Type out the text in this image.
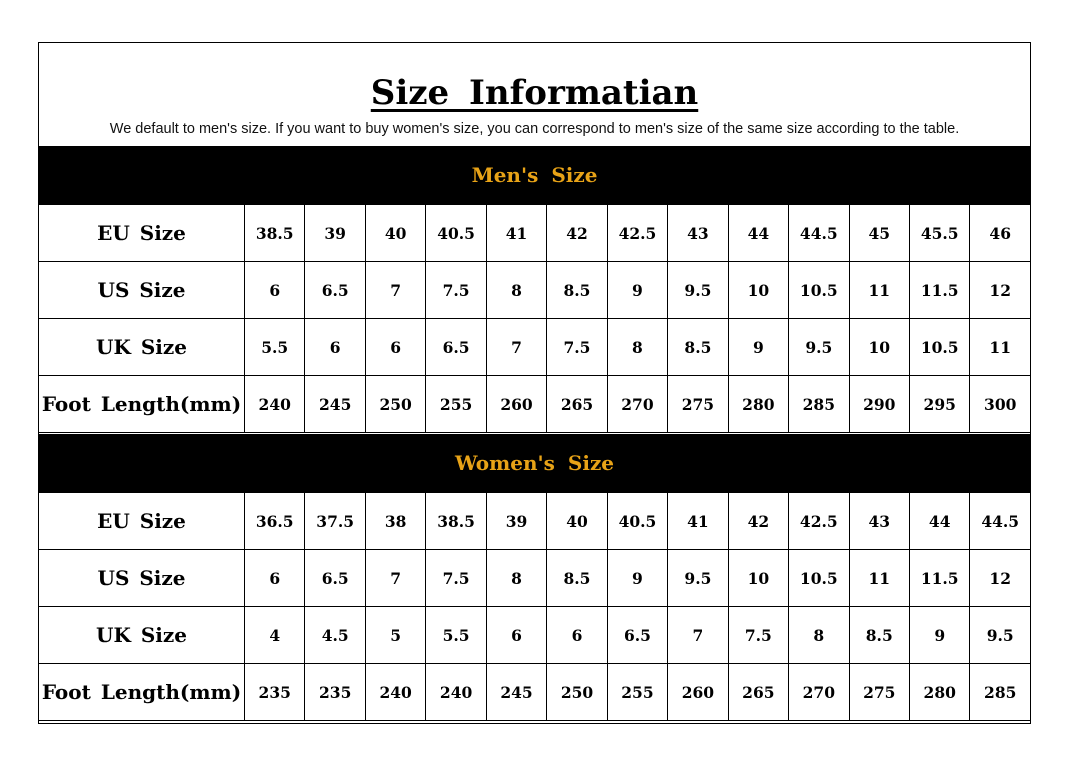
Size Informatian
We default to men's size. If you want to buy women's size, you can correspond to men's size of the same size according to the table.
Men's Size
EU Size	38.5	39	40	40.5	41	42	42.5	43	44	44.5	45	45.5	46
US Size	6	6.5	7	7.5	8	8.5	9	9.5	10	10.5	11	11.5	12
UK Size	5.5	6	6	6.5	7	7.5	8	8.5	9	9.5	10	10.5	11
Foot Length(mm)	240	245	250	255	260	265	270	275	280	285	290	295	300
Women's Size
EU Size	36.5	37.5	38	38.5	39	40	40.5	41	42	42.5	43	44	44.5
US Size	6	6.5	7	7.5	8	8.5	9	9.5	10	10.5	11	11.5	12
UK Size	4	4.5	5	5.5	6	6	6.5	7	7.5	8	8.5	9	9.5
Foot Length(mm)	235	235	240	240	245	250	255	260	265	270	275	280	285
